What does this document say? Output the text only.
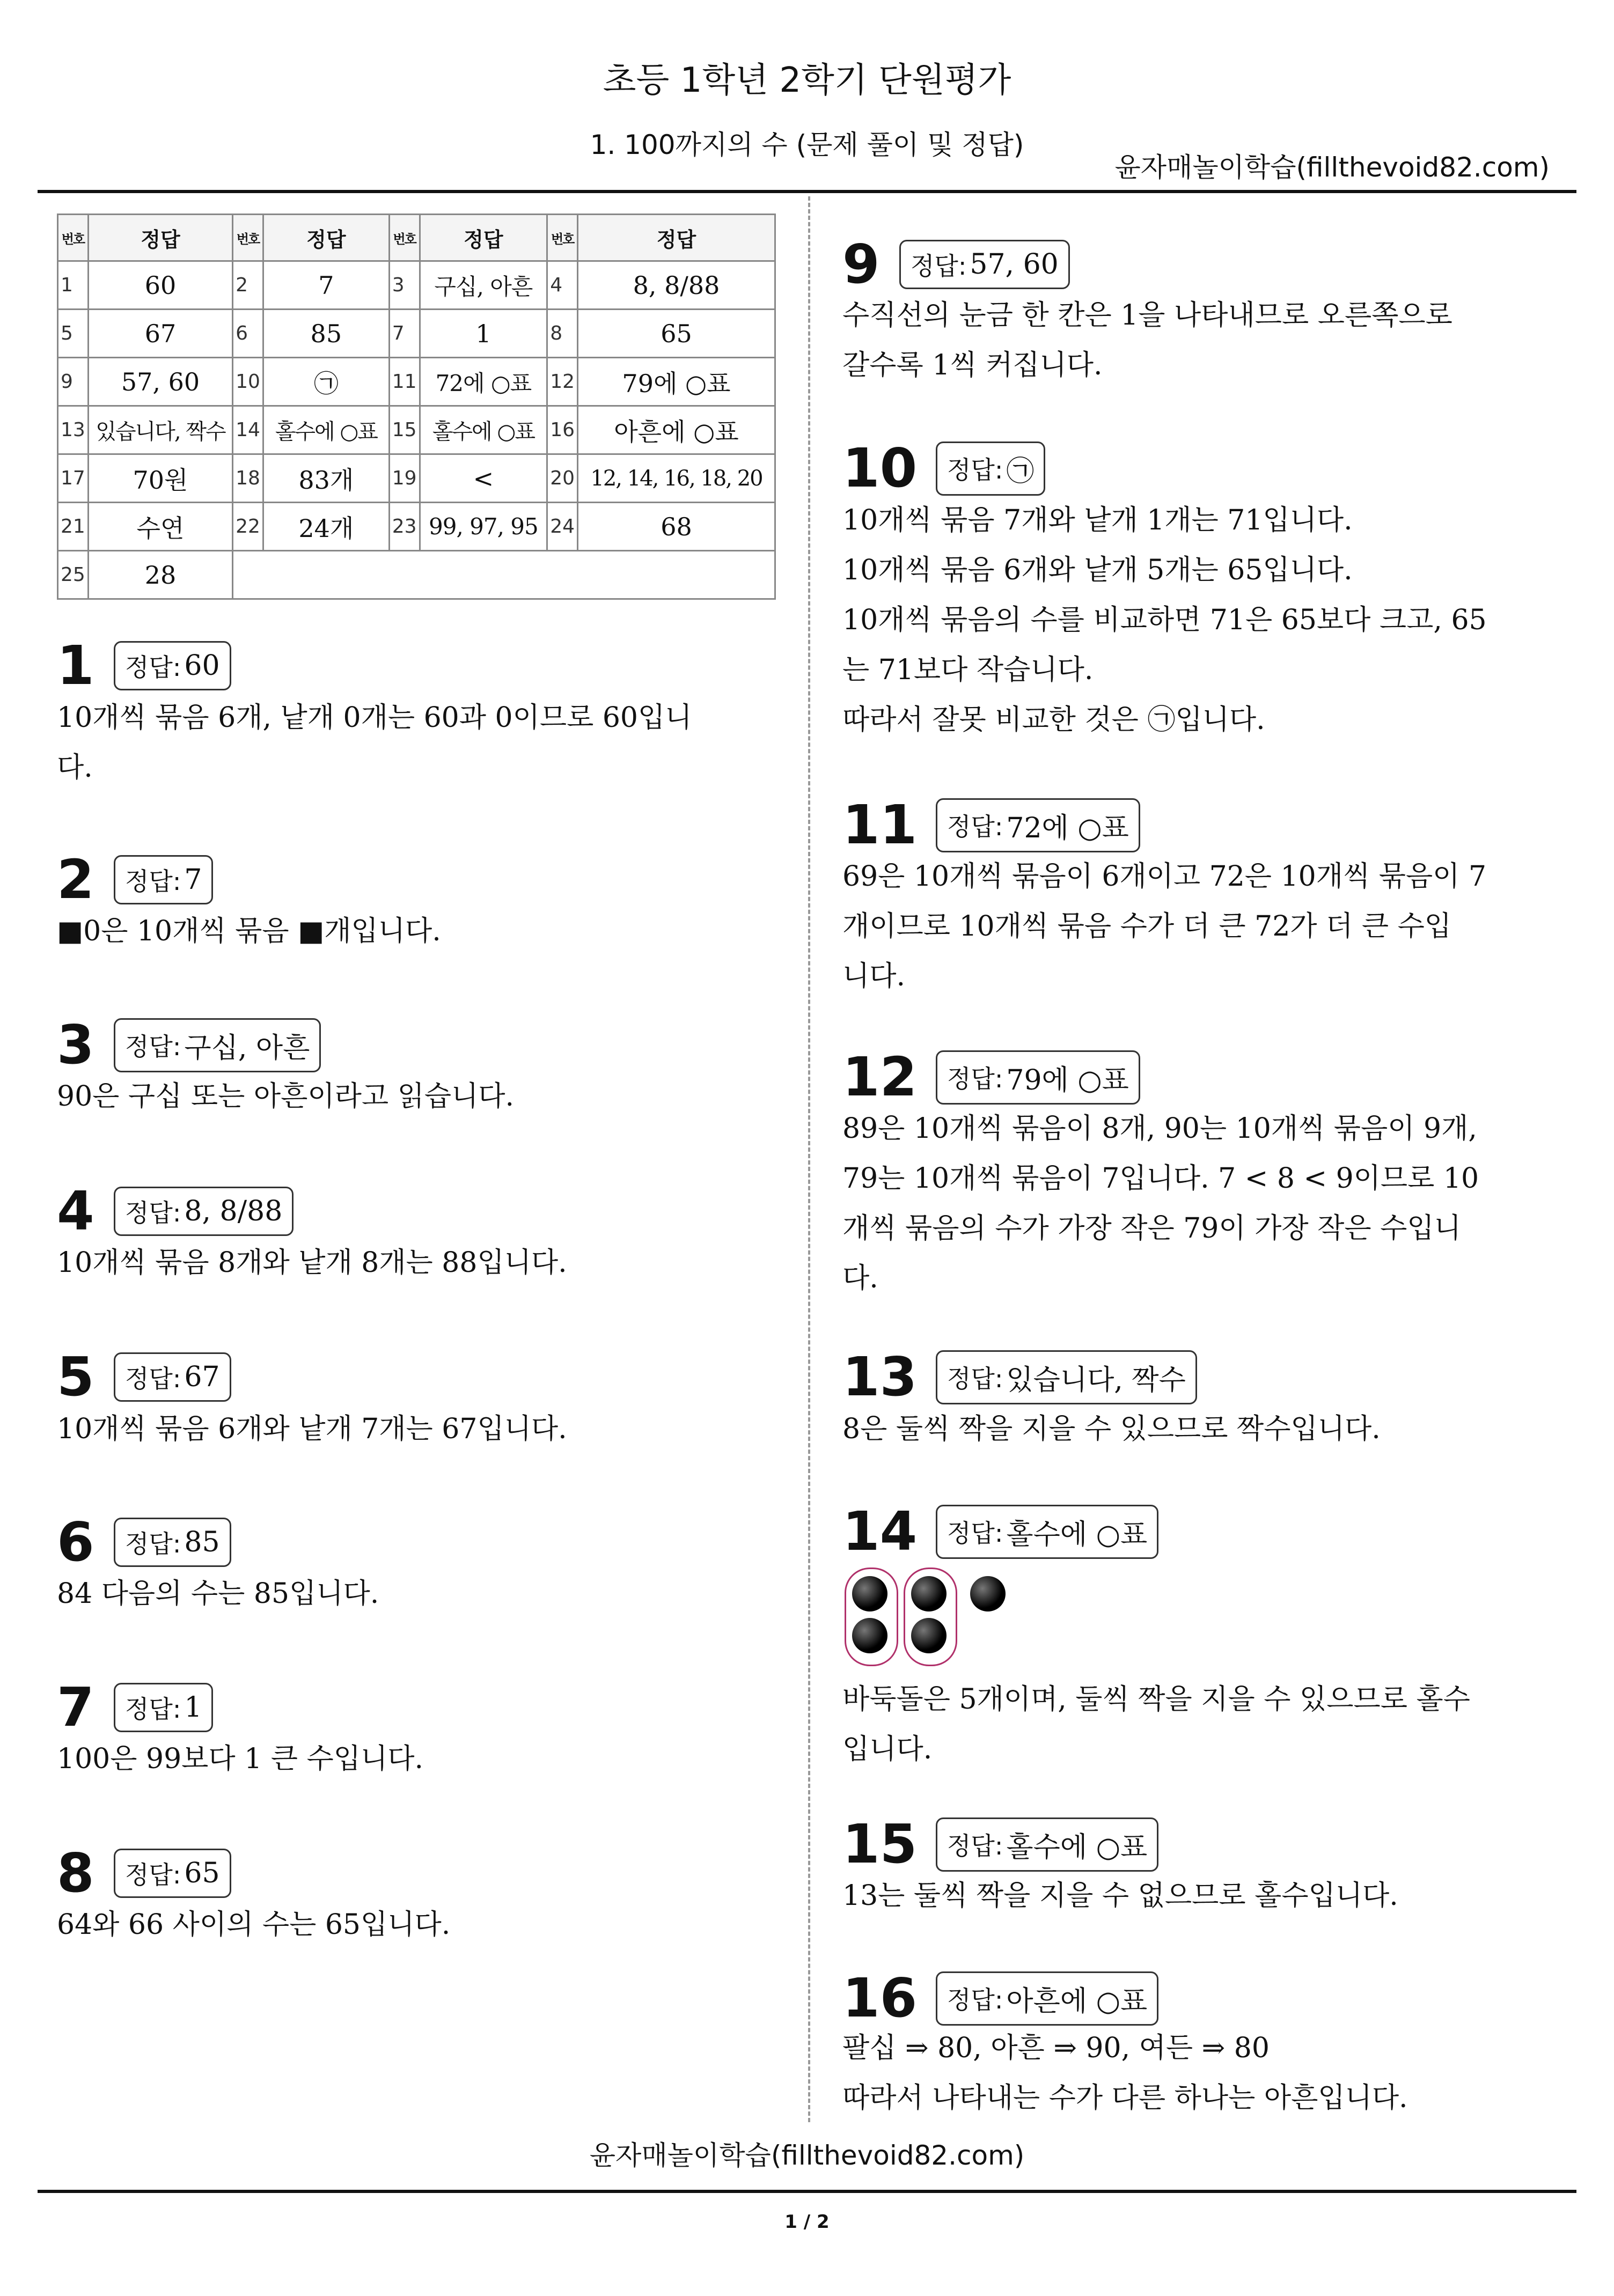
초등 1학년 2학기 단원평가
1. 100까지의 수 (문제 풀이 및 정답)
윤자매놀이학습(fillthevoid82.com)
번호	정답	번호	정답	번호	정답	번호	정답
1	60	2	7	3	구십, 아흔	4	8, 8/88
5	67	6	85	7	1	8	65
9	57, 60	10	㉠	11	72에 ○표	12	79에 ○표
13	있습니다, 짝수	14	홀수에 ○표	15	홀수에 ○표	16	아흔에 ○표
17	70원	18	83개	19	<	20	12, 14, 16, 18, 20
21	수연	22	24개	23	99, 97, 95	24	68
25	28						
1	정답: 60

10개씩 묶음 6개, 낱개 0개는 60과 0이므로 60입니

다.

2	정답: 7

■0은 10개씩 묶음 ■개입니다.

3	정답: 구십, 아흔

90은 구십 또는 아흔이라고 읽습니다.

4	정답: 8, 8/88

10개씩 묶음 8개와 낱개 8개는 88입니다.

5	정답: 67

10개씩 묶음 6개와 낱개 7개는 67입니다.

6	정답: 85

84 다음의 수는 85입니다.

7	정답: 1

100은 99보다 1 큰 수입니다.

8	정답: 65

64와 66 사이의 수는 65입니다.

9	정답: 57, 60

수직선의 눈금 한 칸은 1을 나타내므로 오른쪽으로

갈수록 1씩 커집니다.

10	정답: ㉠

10개씩 묶음 7개와 낱개 1개는 71입니다.

10개씩 묶음 6개와 낱개 5개는 65입니다.

10개씩 묶음의 수를 비교하면 71은 65보다 크고, 65

는 71보다 작습니다.

따라서 잘못 비교한 것은 ㉠입니다.

11	정답: 72에 ○표

69은 10개씩 묶음이 6개이고 72은 10개씩 묶음이 7

개이므로 10개씩 묶음 수가 더 큰 72가 더 큰 수입

니다.

12	정답: 79에 ○표

89은 10개씩 묶음이 8개, 90는 10개씩 묶음이 9개,

79는 10개씩 묶음이 7입니다. 7 < 8 < 9이므로 10

개씩 묶음의 수가 가장 작은 79이 가장 작은 수입니

다.

13	정답: 있습니다, 짝수

8은 둘씩 짝을 지을 수 있으므로 짝수입니다.

14	정답: 홀수에 ○표

바둑돌은 5개이며, 둘씩 짝을 지을 수 있으므로 홀수

입니다.

15	정답: 홀수에 ○표

13는 둘씩 짝을 지을 수 없으므로 홀수입니다.

16	정답: 아흔에 ○표

팔십 ⇒ 80, 아흔 ⇒ 90, 여든 ⇒ 80

따라서 나타내는 수가 다른 하나는 아흔입니다.

윤자매놀이학습(fillthevoid82.com)
1 / 2
